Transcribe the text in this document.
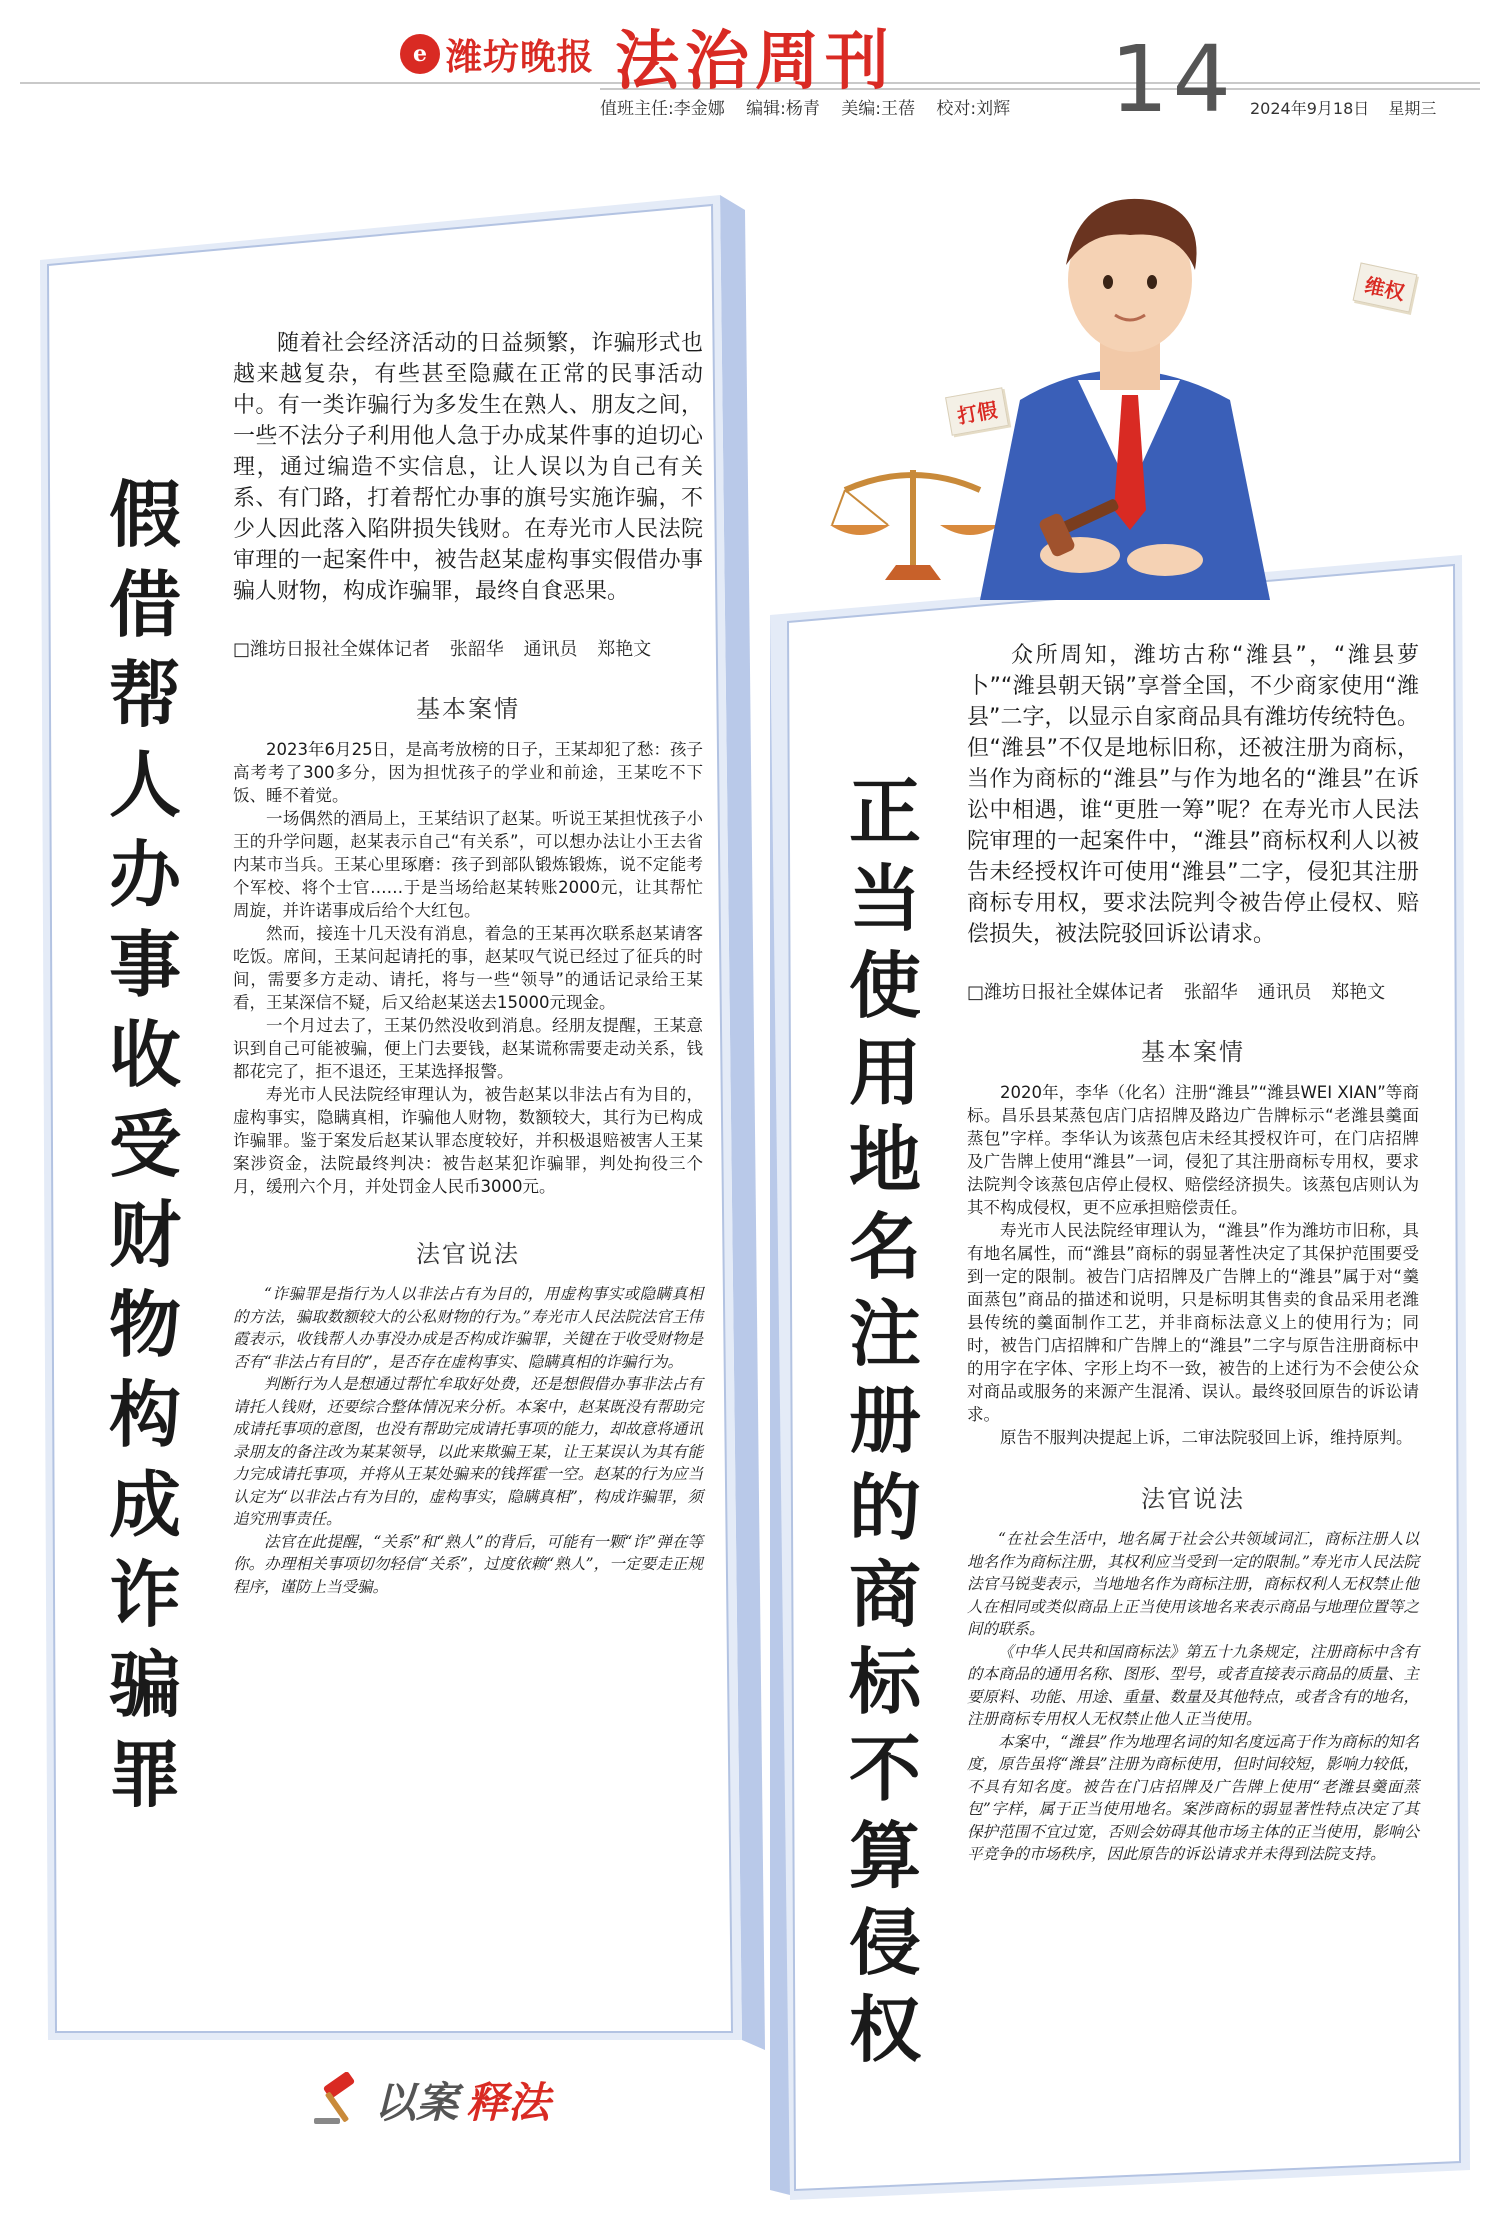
e 潍坊晚报 法治周刊
值班主任:李金娜 编辑:杨青 美编:王蓓 校对:刘辉 14 2024年9月18日 星期三
打假
维权
假借帮人办事收受财物 构成诈骗罪

随着社会经济活动的日益频繁，诈骗形式也越来越复杂，有些甚至隐藏在正常的民事活动中。有一类诈骗行为多发生在熟人、朋友之间，一些不法分子利用他人急于办成某件事的迫切心理，通过编造不实信息，让人误以为自己有关系、有门路，打着帮忙办事的旗号实施诈骗，不少人因此落入陷阱损失钱财。在寿光市人民法院审理的一起案件中，被告赵某虚构事实假借办事骗人财物，构成诈骗罪，最终自食恶果。

□潍坊日报社全媒体记者 张韶华 通讯员 郑艳文
基本案情

2023年6月25日，是高考放榜的日子，王某却犯了愁：孩子高考考了300多分，因为担忧孩子的学业和前途，王某吃不下饭、睡不着觉。

一场偶然的酒局上，王某结识了赵某。听说王某担忧孩子小王的升学问题，赵某表示自己“有关系”，可以想办法让小王去省内某市当兵。王某心里琢磨：孩子到部队锻炼锻炼，说不定能考个军校、将个士官……于是当场给赵某转账2000元，让其帮忙周旋，并许诺事成后给个大红包。

然而，接连十几天没有消息，着急的王某再次联系赵某请客吃饭。席间，王某问起请托的事，赵某叹气说已经过了征兵的时间，需要多方走动、请托，将与一些“领导”的通话记录给王某看，王某深信不疑，后又给赵某送去15000元现金。

一个月过去了，王某仍然没收到消息。经朋友提醒，王某意识到自己可能被骗，便上门去要钱，赵某谎称需要走动关系，钱都花完了，拒不退还，王某选择报警。

寿光市人民法院经审理认为，被告赵某以非法占有为目的，虚构事实，隐瞒真相，诈骗他人财物，数额较大，其行为已构成诈骗罪。鉴于案发后赵某认罪态度较好，并积极退赔被害人王某案涉资金，法院最终判决：被告赵某犯诈骗罪，判处拘役三个月，缓刑六个月，并处罚金人民币3000元。

法官说法

“诈骗罪是指行为人以非法占有为目的，用虚构事实或隐瞒真相的方法，骗取数额较大的公私财物的行为。”寿光市人民法院法官王伟霞表示，收钱帮人办事没办成是否构成诈骗罪，关键在于收受财物是否有“非法占有目的”，是否存在虚构事实、隐瞒真相的诈骗行为。

判断行为人是想通过帮忙牟取好处费，还是想假借办事非法占有请托人钱财，还要综合整体情况来分析。本案中，赵某既没有帮助完成请托事项的意图，也没有帮助完成请托事项的能力，却故意将通讯录朋友的备注改为某某领导，以此来欺骗王某，让王某误认为其有能力完成请托事项，并将从王某处骗来的钱挥霍一空。赵某的行为应当认定为“以非法占有为目的，虚构事实，隐瞒真相”，构成诈骗罪，须追究刑事责任。

法官在此提醒，“关系”和“熟人”的背后，可能有一颗“诈”弹在等你。办理相关事项切勿轻信“关系”，过度依赖“熟人”，一定要走正规程序，谨防上当受骗。

正当使用地名注册的商标 不算侵权

众所周知，潍坊古称“潍县”，“潍县萝卜”“潍县朝天锅”享誉全国，不少商家使用“潍县”二字，以显示自家商品具有潍坊传统特色。但“潍县”不仅是地标旧称，还被注册为商标，当作为商标的“潍县”与作为地名的“潍县”在诉讼中相遇，谁“更胜一筹”呢？在寿光市人民法院审理的一起案件中，“潍县”商标权利人以被告未经授权许可使用“潍县”二字，侵犯其注册商标专用权，要求法院判令被告停止侵权、赔偿损失，被法院驳回诉讼请求。

□潍坊日报社全媒体记者 张韶华 通讯员 郑艳文
基本案情

2020年，李华（化名）注册“潍县”“潍县WEI XIAN”等商标。昌乐县某蒸包店门店招牌及路边广告牌标示“老潍县羹面蒸包”字样。李华认为该蒸包店未经其授权许可，在门店招牌及广告牌上使用“潍县”一词，侵犯了其注册商标专用权，要求法院判令该蒸包店停止侵权、赔偿经济损失。该蒸包店则认为其不构成侵权，更不应承担赔偿责任。

寿光市人民法院经审理认为，“潍县”作为潍坊市旧称，具有地名属性，而“潍县”商标的弱显著性决定了其保护范围要受到一定的限制。被告门店招牌及广告牌上的“潍县”属于对“羹面蒸包”商品的描述和说明，只是标明其售卖的食品采用老潍县传统的羹面制作工艺，并非商标法意义上的使用行为；同时，被告门店招牌和广告牌上的“潍县”二字与原告注册商标中的用字在字体、字形上均不一致，被告的上述行为不会使公众对商品或服务的来源产生混淆、误认。最终驳回原告的诉讼请求。

原告不服判决提起上诉，二审法院驳回上诉，维持原判。

法官说法

“在社会生活中，地名属于社会公共领域词汇，商标注册人以地名作为商标注册，其权利应当受到一定的限制。”寿光市人民法院法官马锐斐表示，当地地名作为商标注册，商标权利人无权禁止他人在相同或类似商品上正当使用该地名来表示商品与地理位置等之间的联系。

《中华人民共和国商标法》第五十九条规定，注册商标中含有的本商品的通用名称、图形、型号，或者直接表示商品的质量、主要原料、功能、用途、重量、数量及其他特点，或者含有的地名，注册商标专用权人无权禁止他人正当使用。

本案中，“潍县”作为地理名词的知名度远高于作为商标的知名度，原告虽将“潍县”注册为商标使用，但时间较短，影响力较低，不具有知名度。被告在门店招牌及广告牌上使用“老潍县羹面蒸包”字样，属于正当使用地名。案涉商标的弱显著性特点决定了其保护范围不宜过宽，否则会妨碍其他市场主体的正当使用，影响公平竞争的市场秩序，因此原告的诉讼请求并未得到法院支持。

以案 释法
